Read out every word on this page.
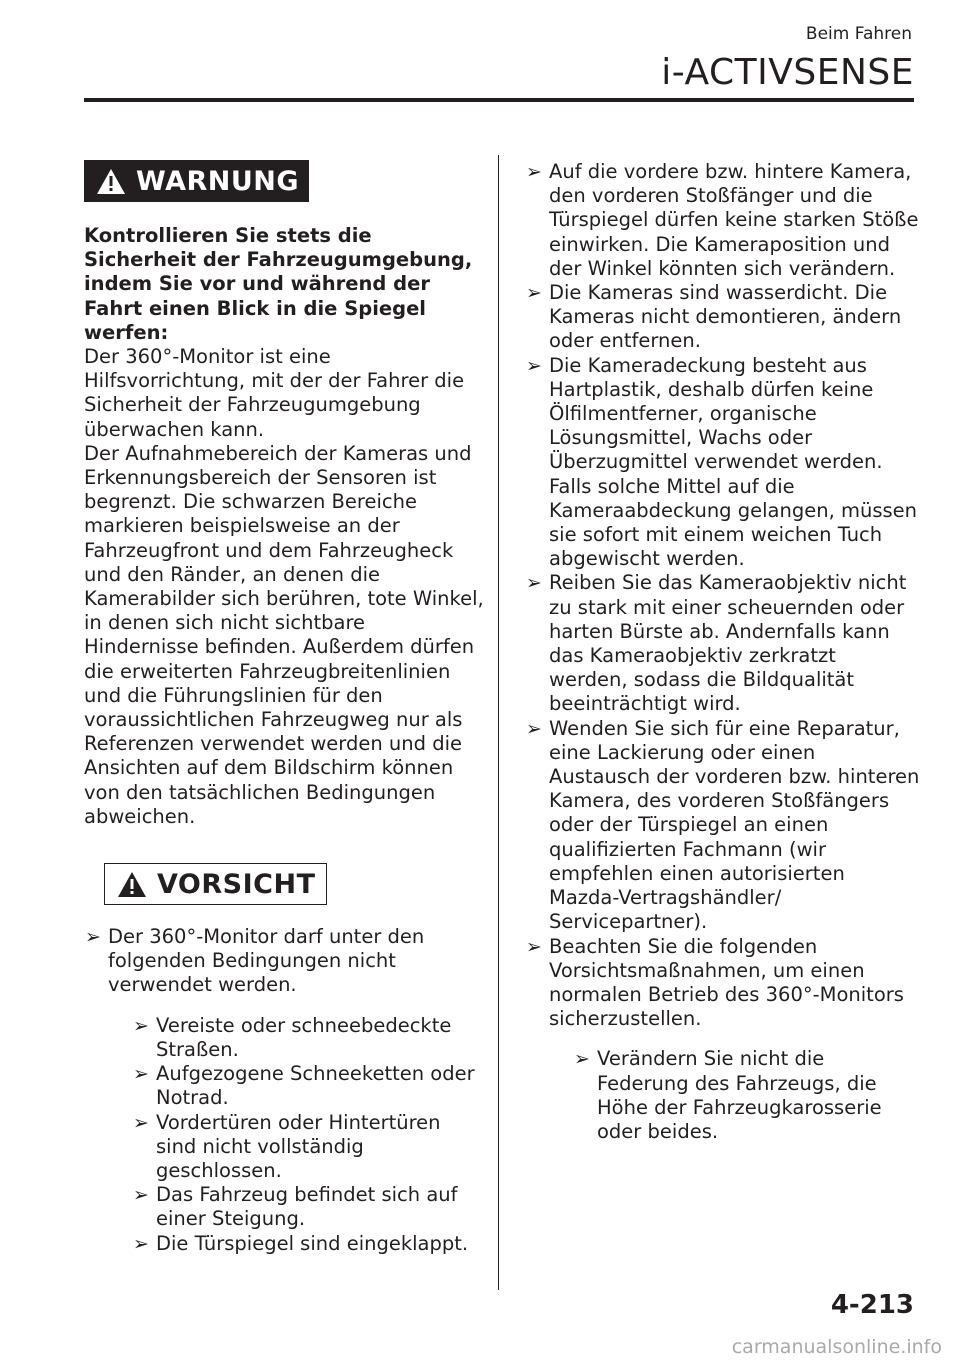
Beim Fahren
i-ACTIVSENSE
WARNUNG

Kontrollieren Sie stets die Sicherheit der Fahrzeugumgebung, indem Sie vor und während der Fahrt einen Blick in die Spiegel werfen:

Der 360°-Monitor ist eine Hilfsvorrichtung, mit der der Fahrer die Sicherheit der Fahrzeugumgebung überwachen kann.

Der Aufnahmebereich der Kameras und Erkennungsbereich der Sensoren ist begrenzt. Die schwarzen Bereiche markieren beispielsweise an der Fahrzeugfront und dem Fahrzeugheck und den Ränder, an denen die Kamerabilder sich berühren, tote Winkel, in denen sich nicht sichtbare Hindernisse befinden. Außerdem dürfen die erweiterten Fahrzeugbreitenlinien und die Führungslinien für den voraussichtlichen Fahrzeugweg nur als Referenzen verwendet werden und die Ansichten auf dem Bildschirm können von den tatsächlichen Bedingungen abweichen.

VORSICHT
➢ Der 360°-Monitor darf unter den folgenden Bedingungen nicht verwendet werden.
➢ Vereiste oder schneebedeckte Straßen.
➢ Aufgezogene Schneeketten oder Notrad.
➢ Vordertüren oder Hintertüren sind nicht vollständig geschlossen.
➢ Das Fahrzeug befindet sich auf einer Steigung.
➢ Die Türspiegel sind eingeklappt.
➢ Auf die vordere bzw. hintere Kamera, den vorderen Stoßfänger und die Türspiegel dürfen keine starken Stöße einwirken. Die Kameraposition und der Winkel könnten sich verändern.
➢ Die Kameras sind wasserdicht. Die Kameras nicht demontieren, ändern oder entfernen.
➢ Die Kameradeckung besteht aus Hartplastik, deshalb dürfen keine Ölfilmentferner, organische Lösungsmittel, Wachs oder Überzugmittel verwendet werden. Falls solche Mittel auf die Kameraabdeckung gelangen, müssen sie sofort mit einem weichen Tuch abgewischt werden.
➢ Reiben Sie das Kameraobjektiv nicht zu stark mit einer scheuernden oder harten Bürste ab. Andernfalls kann das Kameraobjektiv zerkratzt werden, sodass die Bildqualität beeinträchtigt wird.
➢ Wenden Sie sich für eine Reparatur, eine Lackierung oder einen Austausch der vorderen bzw. hinteren Kamera, des vorderen Stoßfängers oder der Türspiegel an einen qualifizierten Fachmann (wir empfehlen einen autorisierten Mazda-Vertragshändler/ Servicepartner).
➢ Beachten Sie die folgenden Vorsichtsmaßnahmen, um einen normalen Betrieb des 360°-Monitors sicherzustellen.
➢ Verändern Sie nicht die Federung des Fahrzeugs, die Höhe der Fahrzeugkarosserie oder beides.
4-213
carmanualsonline.info
